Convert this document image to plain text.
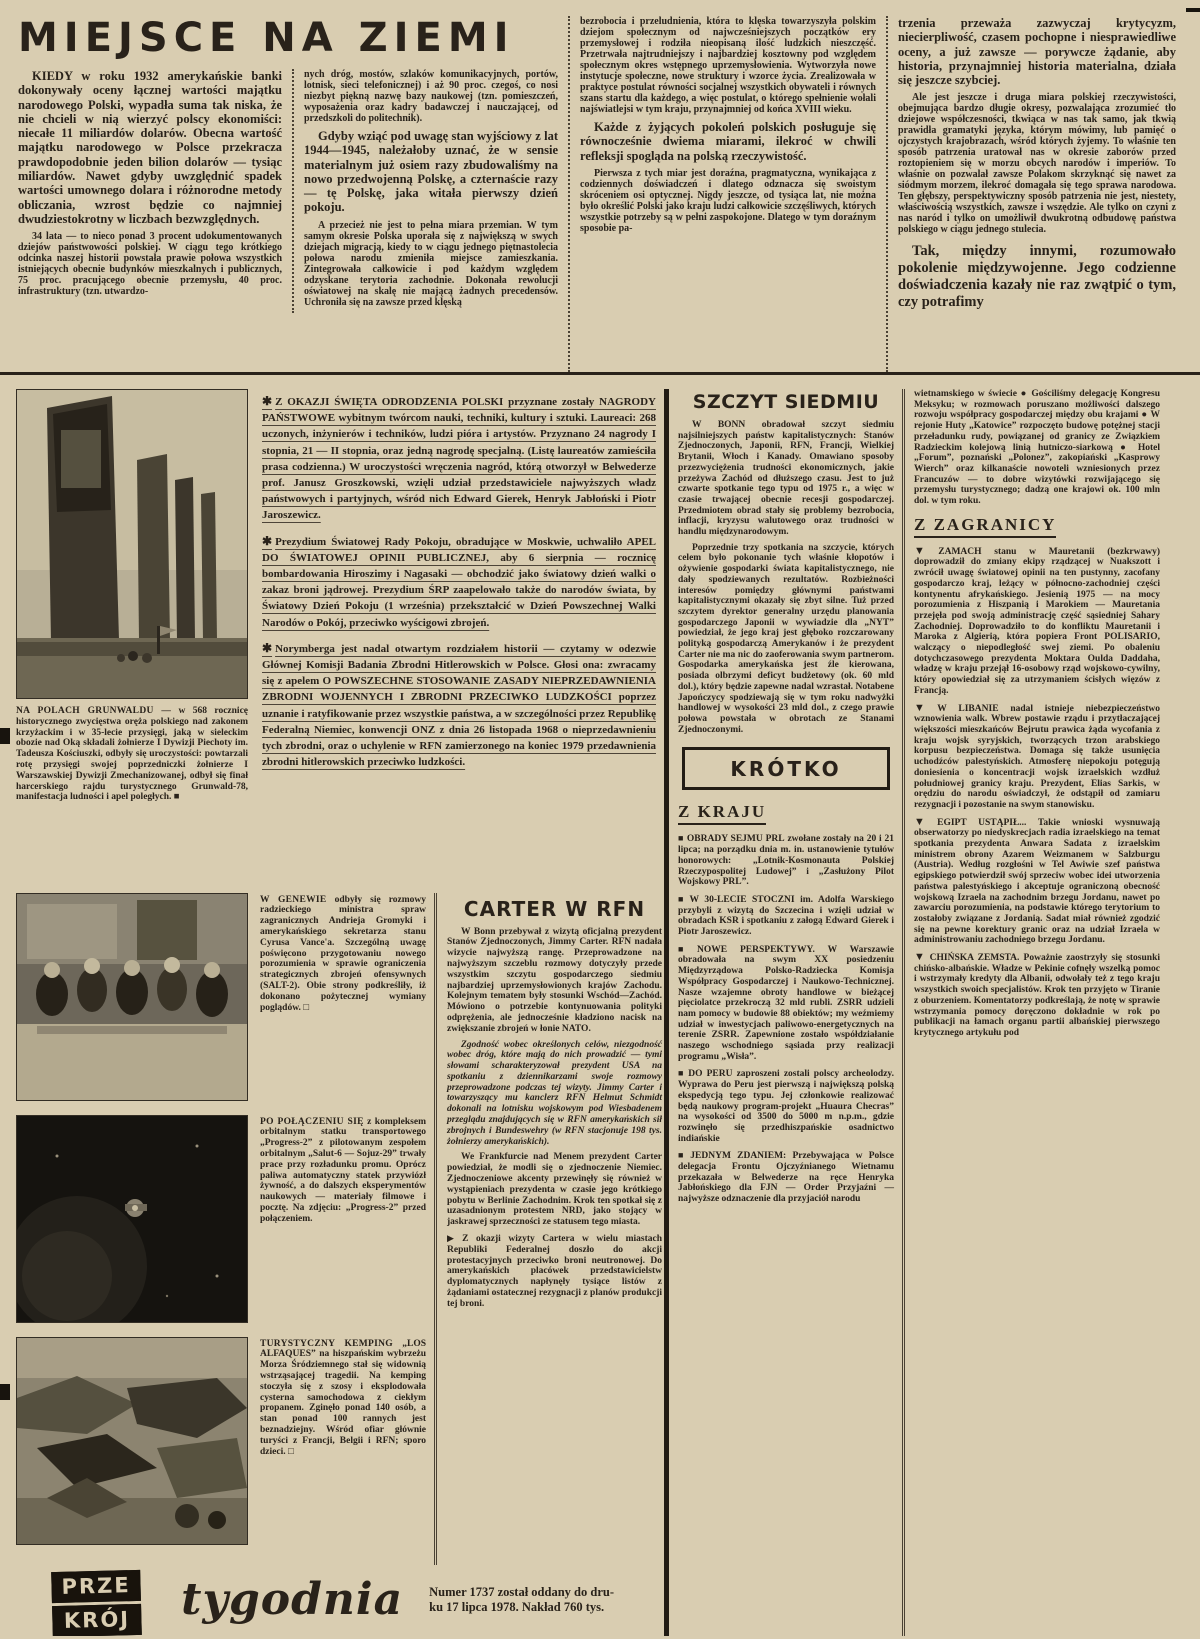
MIEJSCE NA ZIEMI

KIEDY w roku 1932 amerykańskie banki dokonywały oceny łącznej wartości majątku narodowego Polski, wypadła suma tak niska, że nie chcieli w nią wierzyć polscy ekonomiści: niecałe 11 miliardów dolarów. Obecna wartość majątku narodowego w Polsce przekracza prawdopodobnie jeden bilion dolarów — tysiąc miliardów. Nawet gdyby uwzględnić spadek wartości umownego dolara i różnorodne metody obliczania, wzrost będzie co najmniej dwudziestokrotny w liczbach bezwzględnych.

34 lata — to nieco ponad 3 procent udokumentowanych dziejów państwowości polskiej. W ciągu tego krótkiego odcinka naszej historii powstała prawie połowa wszystkich istniejących obecnie budynków mieszkalnych i publicznych, 75 proc. pracującego obecnie przemysłu, 40 proc. infrastruktury (tzn. utwardzo-

nych dróg, mostów, szlaków komunikacyjnych, portów, lotnisk, sieci telefonicznej) i aż 90 proc. czegoś, co nosi niezbyt piękną nazwę bazy naukowej (tzn. pomieszczeń, wyposażenia oraz kadry badawczej i nauczającej, od przedszkoli do politechnik).

Gdyby wziąć pod uwagę stan wyjściowy z lat 1944—1945, należałoby uznać, że w sensie materialnym już osiem razy zbudowaliśmy na nowo przedwojenną Polskę, a czternaście razy — tę Polskę, jaka witała pierwszy dzień pokoju.

A przecież nie jest to pełna miara przemian. W tym samym okresie Polska uporała się z największą w swych dziejach migracją, kiedy to w ciągu jednego piętnastolecia połowa narodu zmieniła miejsce zamieszkania. Zintegrowała całkowicie i pod każdym względem odzyskane terytoria zachodnie. Dokonała rewolucji oświatowej na skalę nie mającą żadnych precedensów. Uchroniła się na zawsze przed klęską

bezrobocia i przeludnienia, która to klęska towarzyszyła polskim dziejom społecznym od najwcześniejszych początków ery przemysłowej i rodziła nieopisaną ilość ludzkich nieszczęść. Przetrwała najtrudniejszy i najbardziej kosztowny pod względem społecznym okres wstępnego uprzemysłowienia. Wytworzyła nowe instytucje społeczne, nowe struktury i wzorce życia. Zrealizowała w praktyce postulat równości socjalnej wszystkich obywateli i równych szans startu dla każdego, a więc postulat, o którego spełnienie wołali najświatlejsi w tym kraju, przynajmniej od końca XVIII wieku.

Każde z żyjących pokoleń polskich posługuje się równocześnie dwiema miarami, ilekroć w chwili refleksji spogląda na polską rzeczywistość.

Pierwsza z tych miar jest doraźna, pragmatyczna, wynikająca z codziennych doświadczeń i dlatego odznacza się swoistym skróceniem osi optycznej. Nigdy jeszcze, od tysiąca lat, nie można było określić Polski jako kraju ludzi całkowicie szczęśliwych, których wszystkie potrzeby są w pełni zaspokojone. Dlatego w tym doraźnym sposobie pa-

trzenia przeważa zazwyczaj krytycyzm, niecierpliwość, czasem pochopne i niesprawiedliwe oceny, a już zawsze — porywcze żądanie, aby historia, przynajmniej historia materialna, działa się jeszcze szybciej.

Ale jest jeszcze i druga miara polskiej rzeczywistości, obejmująca bardzo długie okresy, pozwalająca zrozumieć tło dziejowe współczesności, tkwiąca w nas tak samo, jak tkwią prawidła gramatyki języka, którym mówimy, lub pamięć o ojczystych krajobrazach, wśród których żyjemy. To właśnie ten sposób patrzenia uratował nas w okresie zaborów przed roztopieniem się w morzu obcych narodów i imperiów. To właśnie on pozwalał zawsze Polakom skrzyknąć się nawet za siódmym morzem, ilekroć domagała się tego sprawa narodowa. Ten głębszy, perspektywiczny sposób patrzenia nie jest, niestety, właściwością wszystkich, zawsze i wszędzie. Ale tylko on czyni z nas naród i tylko on umożliwił dwukrotną odbudowę państwa polskiego w ciągu jednego stulecia.

Tak, między innymi, rozumowało pokolenie międzywojenne. Jego codzienne doświadczenia kazały nie raz zwątpić o tym, czy potrafimy

NA POLACH GRUNWALDU — w 568 rocznicę historycznego zwycięstwa oręża polskiego nad zakonem krzyżackim i w 35-lecie przysięgi, jaką w sieleckim obozie nad Oką składali żołnierze I Dywizji Piechoty im. Tadeusza Kościuszki, odbyły się uroczystości: powtarzali rotę przysięgi swojej poprzedniczki żołnierze I Warszawskiej Dywizji Zmechanizowanej, odbył się finał harcerskiego rajdu turystycznego Grunwald-78, manifestacja ludności i apel poległych. ■

✱ Z OKAZJI ŚWIĘTA ODRODZENIA POLSKI przyznane zostały NAGRODY PAŃSTWOWE wybitnym twórcom nauki, techniki, kultury i sztuki. Laureaci: 268 uczonych, inżynierów i techników, ludzi pióra i artystów. Przyznano 24 nagrody I stopnia, 21 — II stopnia, oraz jedną nagrodę specjalną. (Listę laureatów zamieściła prasa codzienna.) W uroczystości wręczenia nagród, którą otworzył w Belwederze prof. Janusz Groszkowski, wzięli udział przedstawiciele najwyższych władz państwowych i partyjnych, wśród nich Edward Gierek, Henryk Jabłoński i Piotr Jaroszewicz.

✱ Prezydium Światowej Rady Pokoju, obradujące w Moskwie, uchwaliło APEL DO ŚWIATOWEJ OPINII PUBLICZNEJ, aby 6 sierpnia — rocznicę bombardowania Hiroszimy i Nagasaki — obchodzić jako światowy dzień walki o zakaz broni jądrowej. Prezydium ŚRP zaapelowało także do narodów świata, by Światowy Dzień Pokoju (1 września) przekształcić w Dzień Powszechnej Walki Narodów o Pokój, przeciwko wyścigowi zbrojeń.

✱ Norymberga jest nadal otwartym rozdziałem historii — czytamy w odezwie Głównej Komisji Badania Zbrodni Hitlerowskich w Polsce. Głosi ona: zwracamy się z apelem O POWSZECHNE STOSOWANIE ZASADY NIEPRZEDAWNIENIA ZBRODNI WOJENNYCH I ZBRODNI PRZECIWKO LUDZKOŚCI poprzez uznanie i ratyfikowanie przez wszystkie państwa, a w szczególności przez Republikę Federalną Niemiec, konwencji ONZ z dnia 26 listopada 1968 o nieprzedawnieniu tych zbrodni, oraz o uchylenie w RFN zamierzonego na koniec 1979 przedawnienia zbrodni hitlerowskich przeciwko ludzkości.

W GENEWIE odbyły się rozmowy radzieckiego ministra spraw zagranicznych Andrieja Gromyki i amerykańskiego sekretarza stanu Cyrusa Vance'a. Szczególną uwagę poświęcono przygotowaniu nowego porozumienia w sprawie ograniczenia strategicznych zbrojeń ofensywnych (SALT-2). Obie strony podkreśliły, iż dokonano pożytecznej wymiany poglądów. □

PO POŁĄCZENIU SIĘ z kompleksem orbitalnym statku transportowego „Progress-2” z pilotowanym zespołem orbitalnym „Salut-6 — Sojuz-29” trwały prace przy rozładunku promu. Oprócz paliwa automatyczny statek przywiózł żywność, a do dalszych eksperymentów naukowych — materiały filmowe i pocztę. Na zdjęciu: „Progress-2” przed połączeniem.

TURYSTYCZNY KEMPING „LOS ALFAQUES” na hiszpańskim wybrzeżu Morza Śródziemnego stał się widownią wstrząsającej tragedii. Na kemping stoczyła się z szosy i eksplodowała cysterna samochodowa z ciekłym propanem. Zginęło ponad 140 osób, a stan ponad 100 rannych jest beznadziejny. Wśród ofiar głównie turyści z Francji, Belgii i RFN; sporo dzieci. □

CARTER W RFN

W Bonn przebywał z wizytą oficjalną prezydent Stanów Zjednoczonych, Jimmy Carter. RFN nadała wizycie najwyższą rangę. Przeprowadzone na najwyższym szczeblu rozmowy dotyczyły przede wszystkim szczytu gospodarczego siedmiu najbardziej uprzemysłowionych krajów Zachodu. Kolejnym tematem były stosunki Wschód—Zachód. Mówiono o potrzebie kontynuowania polityki odprężenia, ale jednocześnie kładziono nacisk na zwiększanie zbrojeń w łonie NATO.

Zgodność wobec określonych celów, niezgodność wobec dróg, które mają do nich prowadzić — tymi słowami scharakteryzował prezydent USA na spotkaniu z dziennikarzami swoje rozmowy przeprowadzone podczas tej wizyty. Jimmy Carter i towarzyszący mu kanclerz RFN Helmut Schmidt dokonali na lotnisku wojskowym pod Wiesbadenem przeglądu znajdujących się w RFN amerykańskich sił zbrojnych i Bundeswehry (w RFN stacjonuje 198 tys. żołnierzy amerykańskich).

We Frankfurcie nad Menem prezydent Carter powiedział, że modli się o zjednoczenie Niemiec. Zjednoczeniowe akcenty przewinęły się również w wystąpieniach prezydenta w czasie jego krótkiego pobytu w Berlinie Zachodnim. Krok ten spotkał się z uzasadnionym protestem NRD, jako stojący w jaskrawej sprzeczności ze statusem tego miasta.

▶ Z okazji wizyty Cartera w wielu miastach Republiki Federalnej doszło do akcji protestacyjnych przeciwko broni neutronowej. Do amerykańskich placówek przedstawicielstw dyplomatycznych napłynęły tysiące listów z żądaniami ostatecznej rezygnacji z planów produkcji tej broni.

PRZE
KRÓJ tygodnia Numer 1737 został oddany do dru-
ku 17 lipca 1978. Nakład 760 tys.
SZCZYT SIEDMIU

W BONN obradował szczyt siedmiu najsilniejszych państw kapitalistycznych: Stanów Zjednoczonych, Japonii, RFN, Francji, Wielkiej Brytanii, Włoch i Kanady. Omawiano sposoby przezwyciężenia trudności ekonomicznych, jakie przeżywa Zachód od dłuższego czasu. Jest to już czwarte spotkanie tego typu od 1975 r., a więc w czasie trwającej obecnie recesji gospodarczej. Przedmiotem obrad stały się problemy bezrobocia, inflacji, kryzysu walutowego oraz trudności w handlu międzynarodowym.

Poprzednie trzy spotkania na szczycie, których celem było pokonanie tych właśnie kłopotów i ożywienie gospodarki świata kapitalistycznego, nie dały spodziewanych rezultatów. Rozbieżności interesów pomiędzy głównymi państwami kapitalistycznymi okazały się zbyt silne. Tuż przed szczytem dyrektor generalny urzędu planowania gospodarczego Japonii w wywiadzie dla „NYT” powiedział, że jego kraj jest głęboko rozczarowany polityką gospodarczą Amerykanów i że prezydent Carter nie ma nic do zaoferowania swym partnerom. Gospodarka amerykańska jest źle kierowana, posiada olbrzymi deficyt budżetowy (ok. 60 mld dol.), który będzie zapewne nadal wzrastał. Notabene Japończycy spodziewają się w tym roku nadwyżki handlowej w wysokości 23 mld dol., z czego prawie połowa powstała w obrotach ze Stanami Zjednoczonymi.

KRÓTKO
Z KRAJU

■ OBRADY SEJMU PRL zwołane zostały na 20 i 21 lipca; na porządku dnia m. in. ustanowienie tytułów honorowych: „Lotnik-Kosmonauta Polskiej Rzeczypospolitej Ludowej” i „Zasłużony Pilot Wojskowy PRL”.

■ W 30-LECIE STOCZNI im. Adolfa Warskiego przybyli z wizytą do Szczecina i wzięli udział w obradach KSR i spotkaniu z załogą Edward Gierek i Piotr Jaroszewicz.

■ NOWE PERSPEKTYWY. W Warszawie obradowała na swym XX posiedzeniu Międzyrządowa Polsko-Radziecka Komisja Współpracy Gospodarczej i Naukowo-Technicznej. Nasze wzajemne obroty handlowe w bieżącej pięciolatce przekroczą 32 mld rubli. ZSRR udzieli nam pomocy w budowie 88 obiektów; my weźmiemy udział w inwestycjach paliwowo-energetycznych na terenie ZSRR. Zapewnione zostało współdziałanie naszego wschodniego sąsiada przy realizacji programu „Wisła”.

■ DO PERU zaproszeni zostali polscy archeolodzy. Wyprawa do Peru jest pierwszą i największą polską ekspedycją tego typu. Jej członkowie realizować będą naukowy program-projekt „Huaura Checras” na wysokości od 3500 do 5000 m n.p.m., gdzie rozwinęło się przedhiszpańskie osadnictwo indiańskie

■ JEDNYM ZDANIEM: Przebywająca w Polsce delegacja Frontu Ojczyźnianego Wietnamu przekazała w Belwederze na ręce Henryka Jabłońskiego dla FJN — Order Przyjaźni — najwyższe odznaczenie dla przyjaciół narodu

wietnamskiego w świecie ● Gościliśmy delegację Kongresu Meksyku; w rozmowach poruszano możliwości dalszego rozwoju współpracy gospodarczej między obu krajami ● W rejonie Huty „Katowice” rozpoczęto budowę potężnej stacji przeładunku rudy, powiązanej od granicy ze Związkiem Radzieckim kolejową linią hutniczo-siarkową ● Hotel „Forum”, poznański „Polonez”, zakopiański „Kasprowy Wierch” oraz kilkanaście nowoteli wzniesionych przez Francuzów — to dobre wizytówki rozwijającego się przemysłu turystycznego; dadzą one krajowi ok. 100 mln dol. w tym roku.

Z ZAGRANICY

▼ ZAMACH stanu w Mauretanii (bezkrwawy) doprowadził do zmiany ekipy rządzącej w Nuakszott i zwrócił uwagę światowej opinii na ten pustynny, zacofany gospodarczo kraj, leżący w północno-zachodniej części kontynentu afrykańskiego. Jesienią 1975 — na mocy porozumienia z Hiszpanią i Marokiem — Mauretania przejęła pod swoją administrację część sąsiedniej Sahary Zachodniej. Doprowadziło to do konfliktu Mauretanii i Maroka z Algierią, która popiera Front POLISARIO, walczący o niepodległość swej ziemi. Po obaleniu dotychczasowego prezydenta Moktara Oulda Daddaha, władzę w kraju przejął 16-osobowy rząd wojskowo-cywilny, który opowiedział się za utrzymaniem ścisłych więzów z Francją.

▼ W LIBANIE nadal istnieje niebezpieczeństwo wznowienia walk. Wbrew postawie rządu i przytłaczającej większości mieszkańców Bejrutu prawica żąda wycofania z kraju wojsk syryjskich, tworzących trzon arabskiego korpusu bezpieczeństwa. Domaga się także usunięcia uchodźców palestyńskich. Atmosferę niepokoju potęgują doniesienia o koncentracji wojsk izraelskich wzdłuż południowej granicy kraju. Prezydent, Elias Sarkis, w orędziu do narodu oświadczył, że odstąpił od zamiaru rezygnacji i pozostanie na swym stanowisku.

▼ EGIPT USTĄPIŁ... Takie wnioski wysnuwają obserwatorzy po niedyskrecjach radia izraelskiego na temat spotkania prezydenta Anwara Sadata z izraelskim ministrem obrony Azarem Weizmanem w Salzburgu (Austria). Według rozgłośni w Tel Awiwie szef państwa egipskiego potwierdził swój sprzeciw wobec idei utworzenia państwa palestyńskiego i akceptuje ograniczoną obecność wojskową Izraela na zachodnim brzegu Jordanu, nawet po zawarciu porozumienia, na podstawie którego terytorium to zostałoby związane z Jordanią. Sadat miał również zgodzić się na pewne korektury granic oraz na udział Izraela w administrowaniu zachodniego brzegu Jordanu.

▼ CHIŃSKA ZEMSTA. Poważnie zaostrzyły się stosunki chińsko-albańskie. Władze w Pekinie cofnęły wszelką pomoc i wstrzymały kredyty dla Albanii, odwołały też z tego kraju wszystkich swoich specjalistów. Krok ten przyjęto w Tiranie z oburzeniem. Komentatorzy podkreślają, że notę w sprawie wstrzymania pomocy doręczono dokładnie w rok po publikacji na łamach organu partii albańskiej pierwszego krytycznego artykułu pod
